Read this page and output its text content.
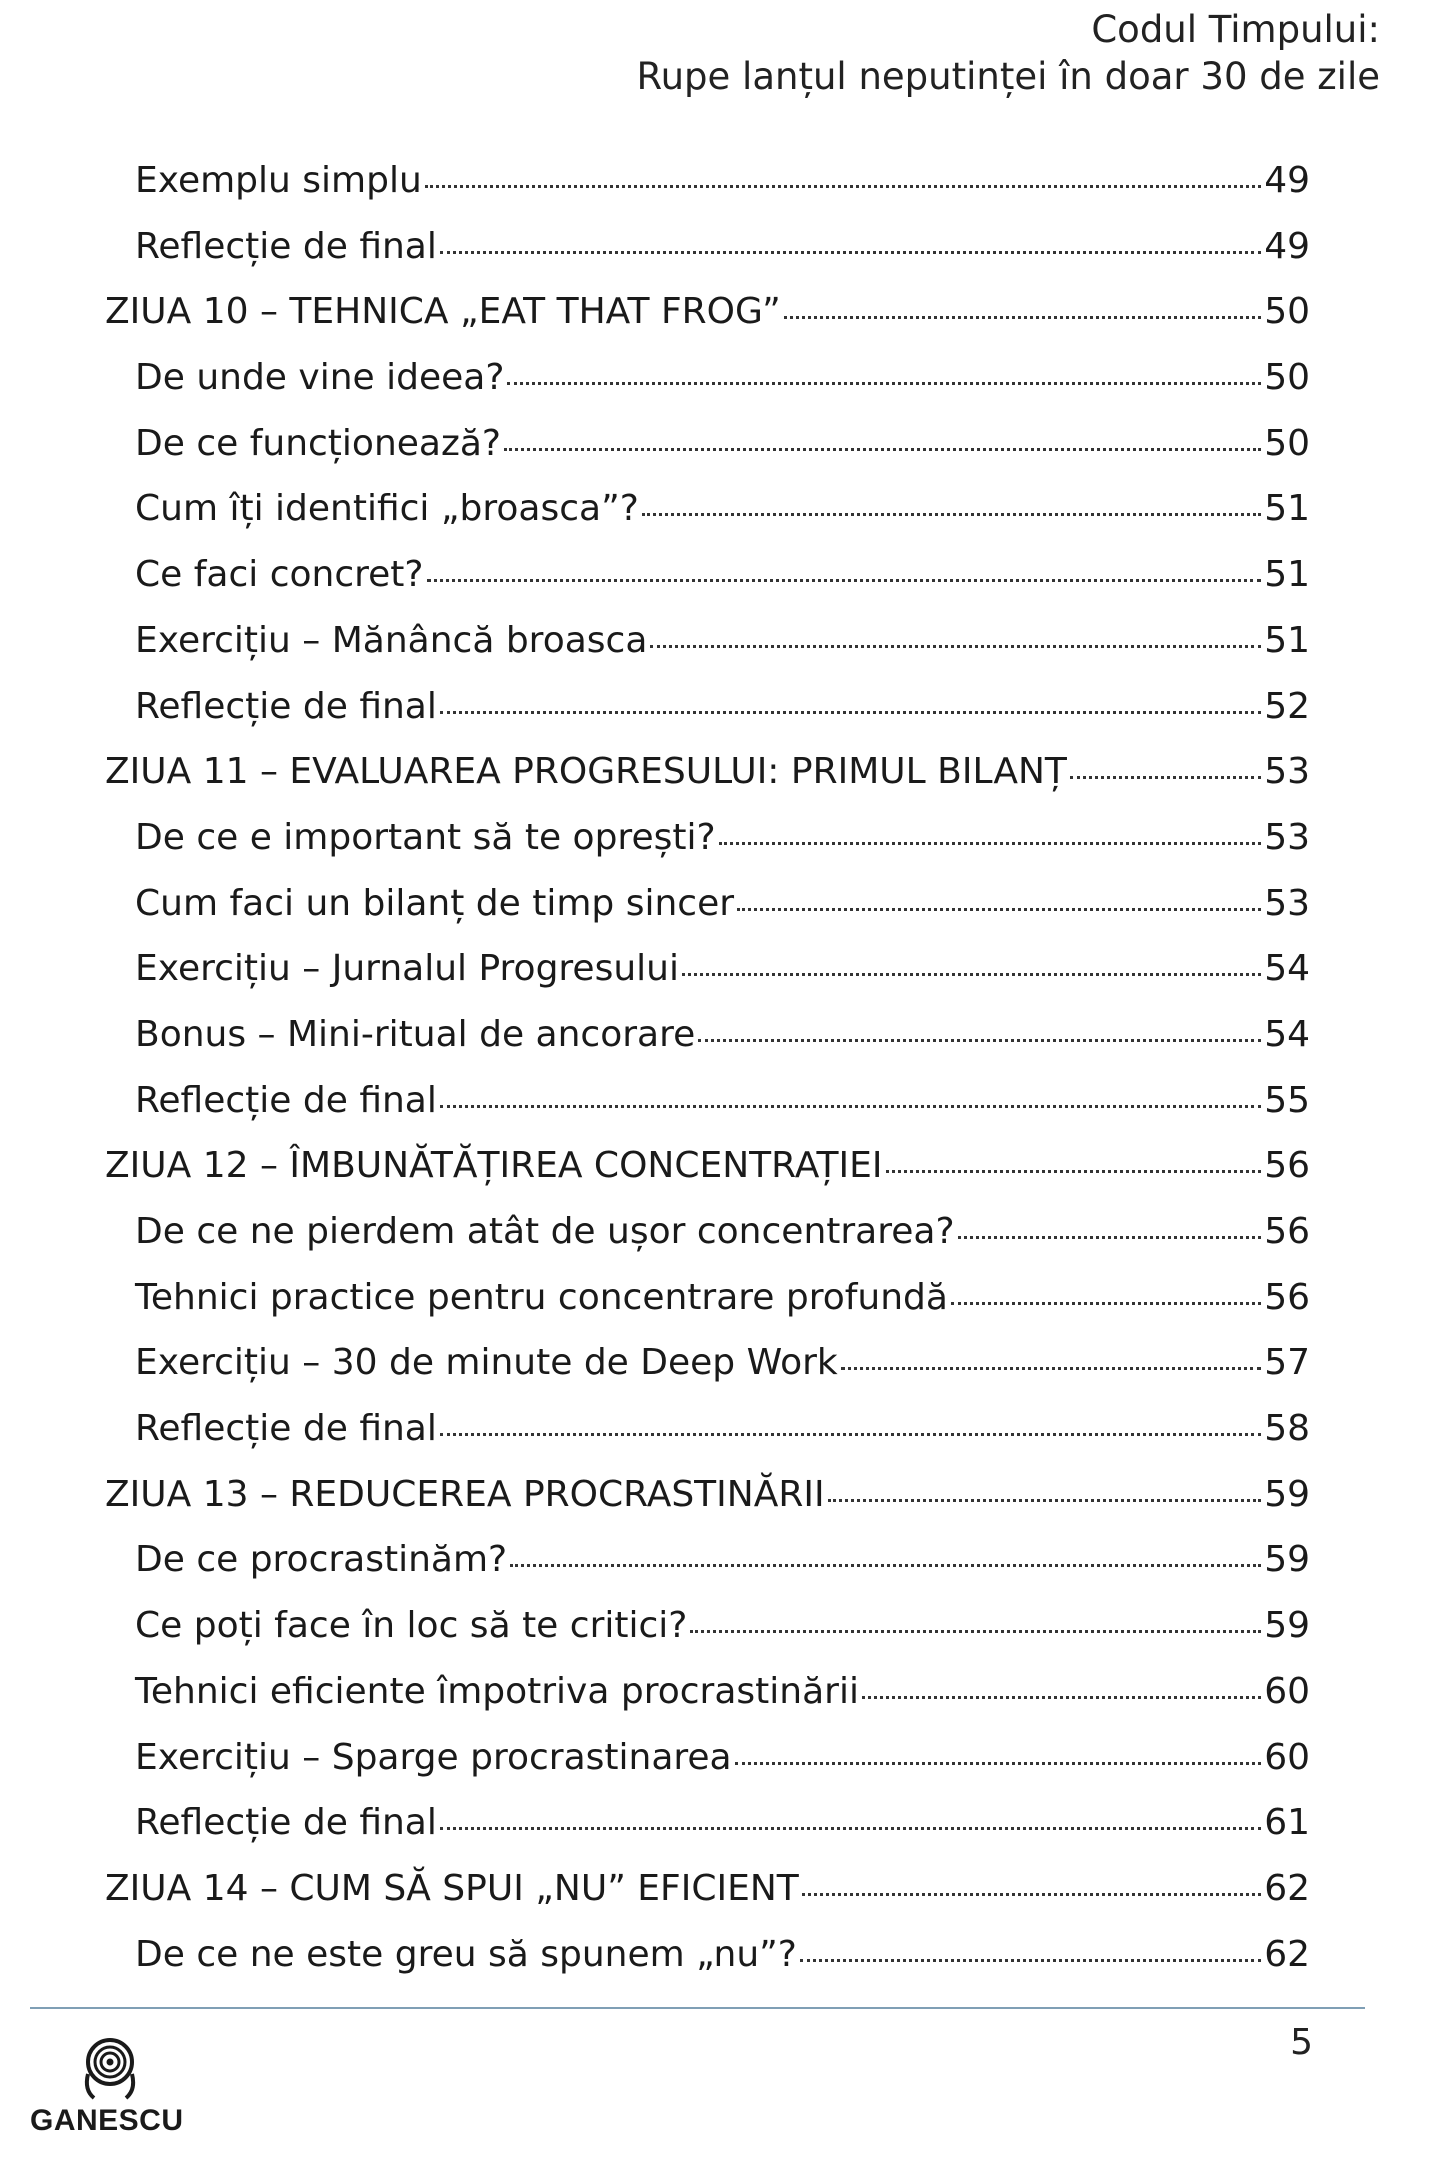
Codul Timpului:
Rupe lanțul neputinței în doar 30 de zile
Exemplu simplu	49
Reflecție de final	49
ZIUA 10 – TEHNICA „EAT THAT FROG”	50
De unde vine ideea?	50
De ce funcționează?	50
Cum îți identifici „broasca”?	51
Ce faci concret?	51
Exercițiu – Mănâncă broasca	51
Reflecție de final	52
ZIUA 11 – EVALUAREA PROGRESULUI: PRIMUL BILANȚ	53
De ce e important să te oprești?	53
Cum faci un bilanț de timp sincer	53
Exercițiu – Jurnalul Progresului	54
Bonus – Mini-ritual de ancorare	54
Reflecție de final	55
ZIUA 12 – ÎMBUNĂTĂȚIREA CONCENTRAȚIEI	56
De ce ne pierdem atât de ușor concentrarea?	56
Tehnici practice pentru concentrare profundă	56
Exercițiu – 30 de minute de Deep Work	57
Reflecție de final	58
ZIUA 13 – REDUCEREA PROCRASTINĂRII	59
De ce procrastinăm?	59
Ce poți face în loc să te critici?	59
Tehnici eficiente împotriva procrastinării	60
Exercițiu – Sparge procrastinarea	60
Reflecție de final	61
ZIUA 14 – CUM SĂ SPUI „NU” EFICIENT	62
De ce ne este greu să spunem „nu”?	62
5
GANESCU
